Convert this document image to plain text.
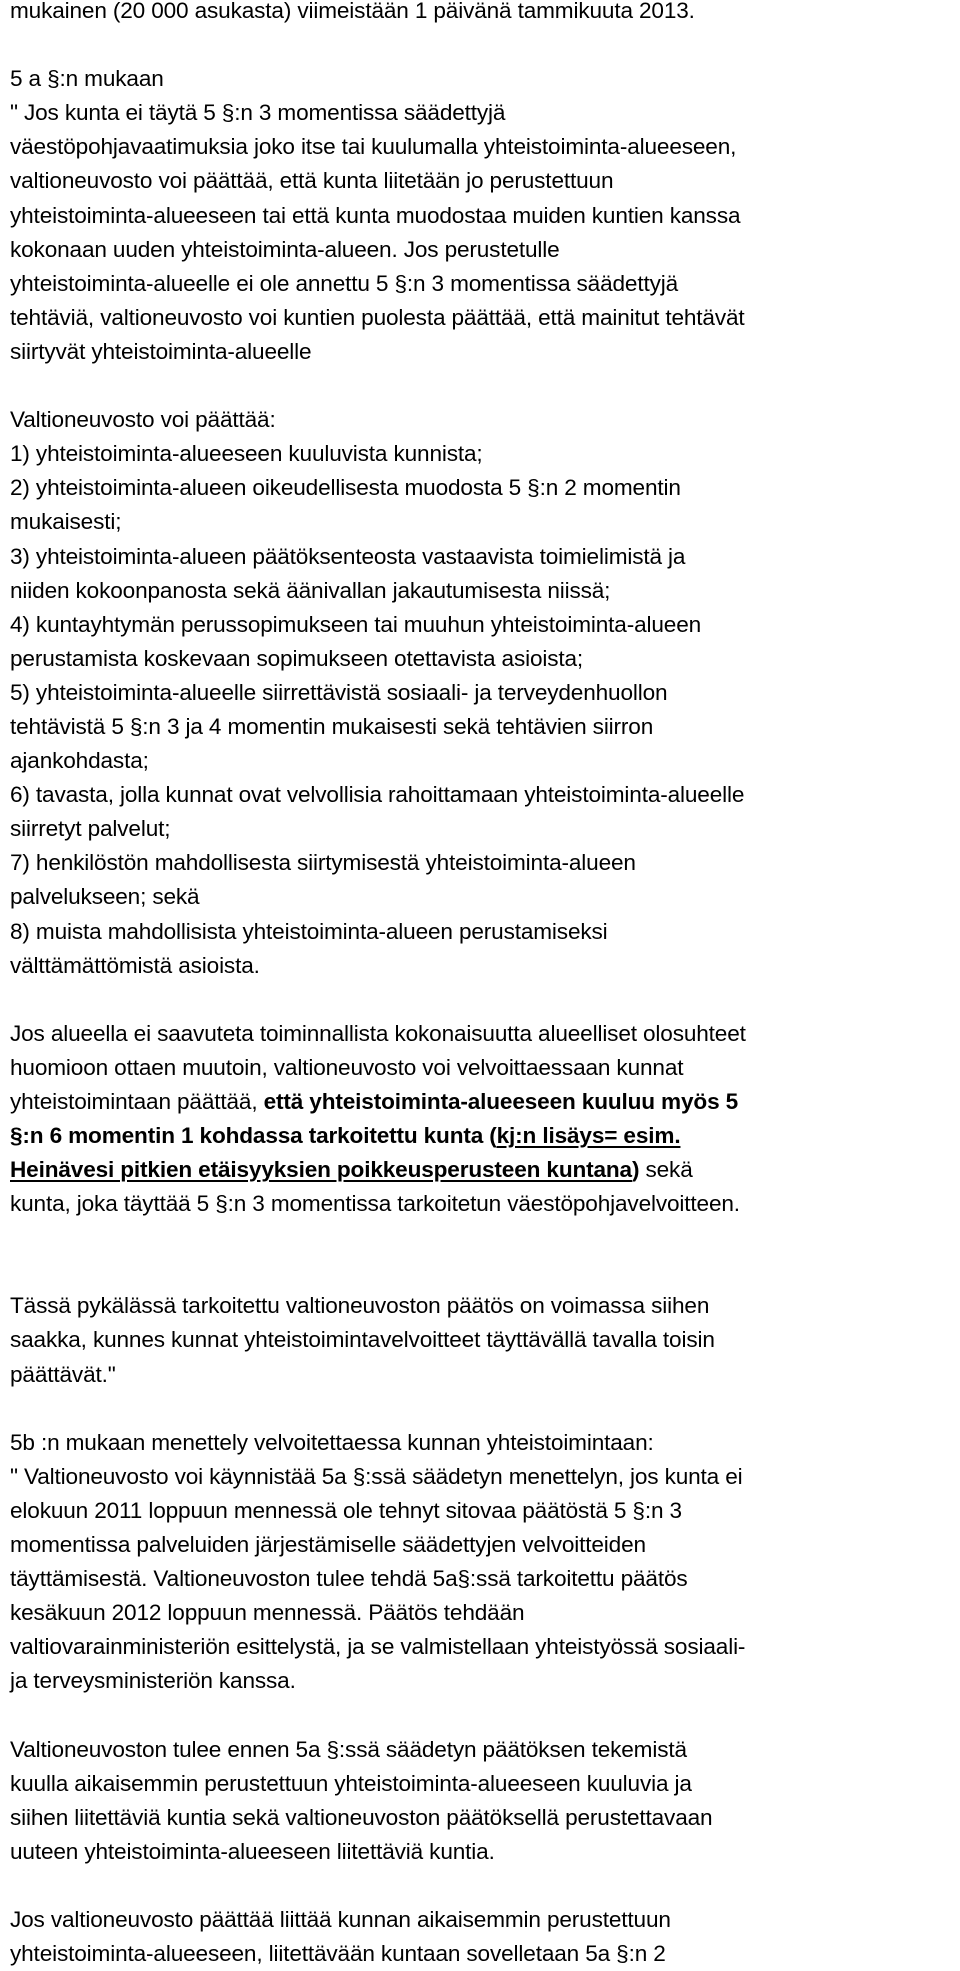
mukainen (20 000 asukasta) viimeistään 1 päivänä tammikuuta 2013.
5 a §:n mukaan
" Jos kunta ei täytä 5 §:n 3 momentissa säädettyjä
väestöpohjavaatimuksia joko itse tai kuulumalla yhteistoiminta-alueeseen,
valtioneuvosto voi päättää, että kunta liitetään jo perustettuun
yhteistoiminta-alueeseen tai että kunta muodostaa muiden kuntien kanssa
kokonaan uuden yhteistoiminta-alueen. Jos perustetulle
yhteistoiminta-alueelle ei ole annettu 5 §:n 3 momentissa säädettyjä
tehtäviä, valtioneuvosto voi kuntien puolesta päättää, että mainitut tehtävät
siirtyvät yhteistoiminta-alueelle
Valtioneuvosto voi päättää:
1) yhteistoiminta-alueeseen kuuluvista kunnista;
2) yhteistoiminta-alueen oikeudellisesta muodosta 5 §:n 2 momentin
mukaisesti;
3) yhteistoiminta-alueen päätöksenteosta vastaavista toimielimistä ja
niiden kokoonpanosta sekä äänivallan jakautumisesta niissä;
4) kuntayhtymän perussopimukseen tai muuhun yhteistoiminta-alueen
perustamista koskevaan sopimukseen otettavista asioista;
5) yhteistoiminta-alueelle siirrettävistä sosiaali- ja terveydenhuollon
tehtävistä 5 §:n 3 ja 4 momentin mukaisesti sekä tehtävien siirron
ajankohdasta;
6) tavasta, jolla kunnat ovat velvollisia rahoittamaan yhteistoiminta-alueelle
siirretyt palvelut;
7) henkilöstön mahdollisesta siirtymisestä yhteistoiminta-alueen
palvelukseen; sekä
8) muista mahdollisista yhteistoiminta-alueen perustamiseksi
välttämättömistä asioista.
Jos alueella ei saavuteta toiminnallista kokonaisuutta alueelliset olosuhteet
huomioon ottaen muutoin, valtioneuvosto voi velvoittaessaan kunnat
yhteistoimintaan päättää, että yhteistoiminta-alueeseen kuuluu myös 5
§:n 6 momentin 1 kohdassa tarkoitettu kunta (kj:n lisäys= esim.
Heinävesi pitkien etäisyyksien poikkeusperusteen kuntana) sekä
kunta, joka täyttää 5 §:n 3 momentissa tarkoitetun väestöpohjavelvoitteen.
Tässä pykälässä tarkoitettu valtioneuvoston päätös on voimassa siihen
saakka, kunnes kunnat yhteistoimintavelvoitteet täyttävällä tavalla toisin
päättävät."
5b :n mukaan menettely velvoitettaessa kunnan yhteistoimintaan:
" Valtioneuvosto voi käynnistää 5a §:ssä säädetyn menettelyn, jos kunta ei
elokuun 2011 loppuun mennessä ole tehnyt sitovaa päätöstä 5 §:n 3
momentissa palveluiden järjestämiselle säädettyjen velvoitteiden
täyttämisestä. Valtioneuvoston tulee tehdä 5a§:ssä tarkoitettu päätös
kesäkuun 2012 loppuun mennessä. Päätös tehdään
valtiovarainministeriön esittelystä, ja se valmistellaan yhteistyössä sosiaali-
ja terveysministeriön kanssa.
Valtioneuvoston tulee ennen 5a §:ssä säädetyn päätöksen tekemistä
kuulla aikaisemmin perustettuun yhteistoiminta-alueeseen kuuluvia ja
siihen liitettäviä kuntia sekä valtioneuvoston päätöksellä perustettavaan
uuteen yhteistoiminta-alueeseen liitettäviä kuntia.
Jos valtioneuvosto päättää liittää kunnan aikaisemmin perustettuun
yhteistoiminta-alueeseen, liitettävään kuntaan sovelletaan 5a §:n 2
